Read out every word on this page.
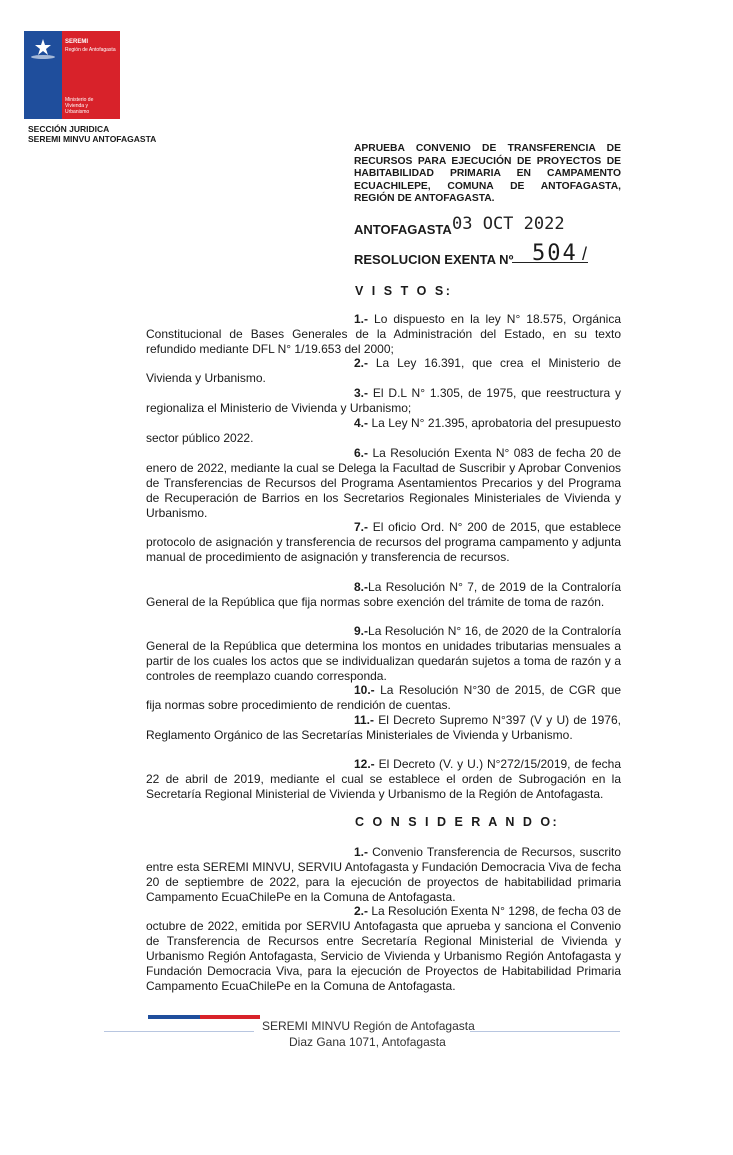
SEREMI
Región de Antofagasta
Ministerio de
Vivienda y
Urbanismo
SECCIÓN JURIDICA
SEREMI MINVU ANTOFAGASTA
APRUEBA CONVENIO DE TRANSFERENCIA DE RECURSOS PARA EJECUCIÓN DE PROYECTOS DE HABITABILIDAD PRIMARIA EN CAMPAMENTO ECUACHILEPE, COMUNA DE ANTOFAGASTA, REGIÓN DE ANTOFAGASTA.
ANTOFAGASTA 03 OCT 2022
RESOLUCION EXENTA Nº 504 /
V I S T O S:
1.- Lo dispuesto en la ley N° 18.575, Orgánica Constitucional de Bases Generales de la Administración del Estado, en su texto refundido mediante DFL N° 1/19.653 del 2000;
2.- La Ley 16.391, que crea el Ministerio de Vivienda y Urbanismo.
3.- El D.L N° 1.305, de 1975, que reestructura y regionaliza el Ministerio de Vivienda y Urbanismo;
4.- La Ley N° 21.395, aprobatoria del presupuesto sector público 2022.
6.- La Resolución Exenta N° 083 de fecha 20 de enero de 2022, mediante la cual se Delega la Facultad de Suscribir y Aprobar Convenios de Transferencias de Recursos del Programa Asentamientos Precarios y del Programa de Recuperación de Barrios en los Secretarios Regionales Ministeriales de Vivienda y Urbanismo.
7.- El oficio Ord. N° 200 de 2015, que establece protocolo de asignación y transferencia de recursos del programa campamento y adjunta manual de procedimiento de asignación y transferencia de recursos.
8.-La Resolución N° 7, de 2019 de la Contraloría General de la República que fija normas sobre exención del trámite de toma de razón.
9.-La Resolución N° 16, de 2020 de la Contraloría General de la República que determina los montos en unidades tributarias mensuales a partir de los cuales los actos que se individualizan quedarán sujetos a toma de razón y a controles de reemplazo cuando corresponda.
10.- La Resolución N°30 de 2015, de CGR que fija normas sobre procedimiento de rendición de cuentas.
11.- El Decreto Supremo N°397 (V y U) de 1976, Reglamento Orgánico de las Secretarías Ministeriales de Vivienda y Urbanismo.
12.- El Decreto (V. y U.) N°272/15/2019, de fecha 22 de abril de 2019, mediante el cual se establece el orden de Subrogación en la Secretaría Regional Ministerial de Vivienda y Urbanismo de la Región de Antofagasta.
C O N S I D E R A N D O:
1.- Convenio Transferencia de Recursos, suscrito entre esta SEREMI MINVU, SERVIU Antofagasta y Fundación Democracia Viva de fecha 20 de septiembre de 2022, para la ejecución de proyectos de habitabilidad primaria Campamento EcuaChilePe en la Comuna de Antofagasta.
2.- La Resolución Exenta N° 1298, de fecha 03 de octubre de 2022, emitida por SERVIU Antofagasta que aprueba y sanciona el Convenio de Transferencia de Recursos entre Secretaría Regional Ministerial de Vivienda y Urbanismo Región Antofagasta, Servicio de Vivienda y Urbanismo Región Antofagasta y Fundación Democracia Viva, para la ejecución de Proyectos de Habitabilidad Primaria Campamento EcuaChilePe en la Comuna de Antofagasta.
SEREMI MINVU Región de Antofagasta
Diaz Gana 1071, Antofagasta
